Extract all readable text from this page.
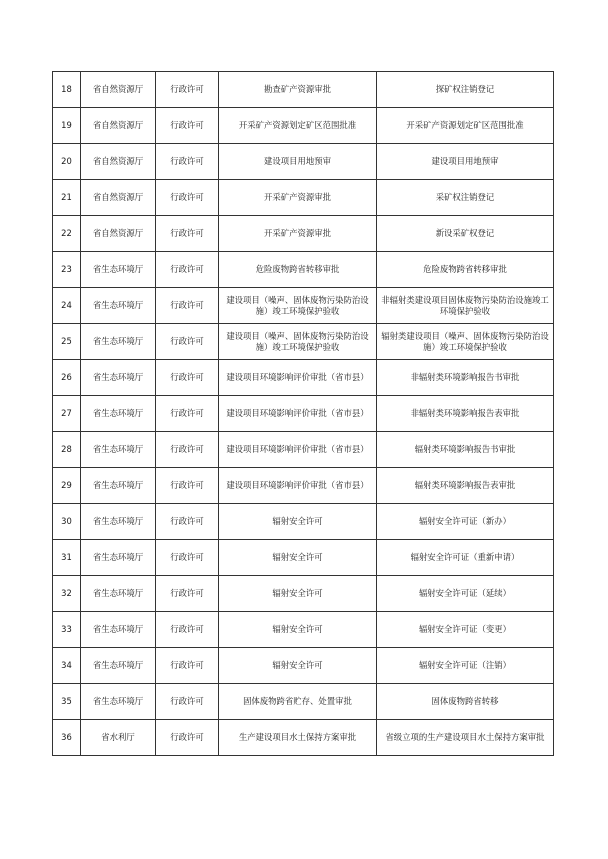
18	省自然资源厅	行政许可	勘查矿产资源审批	探矿权注销登记
19	省自然资源厅	行政许可	开采矿产资源划定矿区范围批准	开采矿产资源划定矿区范围批准
20	省自然资源厅	行政许可	建设项目用地预审	建设项目用地预审
21	省自然资源厅	行政许可	开采矿产资源审批	采矿权注销登记
22	省自然资源厅	行政许可	开采矿产资源审批	新设采矿权登记
23	省生态环境厅	行政许可	危险废物跨省转移审批	危险废物跨省转移审批
24	省生态环境厅	行政许可	建设项目（噪声、固体废物污染防治设施）竣工环境保护验收	非辐射类建设项目固体废物污染防治设施竣工环境保护验收
25	省生态环境厅	行政许可	建设项目（噪声、固体废物污染防治设施）竣工环境保护验收	辐射类建设项目（噪声、固体废物污染防治设施）竣工环境保护验收
26	省生态环境厅	行政许可	建设项目环境影响评价审批（省市县）	非辐射类环境影响报告书审批
27	省生态环境厅	行政许可	建设项目环境影响评价审批（省市县）	非辐射类环境影响报告表审批
28	省生态环境厅	行政许可	建设项目环境影响评价审批（省市县）	辐射类环境影响报告书审批
29	省生态环境厅	行政许可	建设项目环境影响评价审批（省市县）	辐射类环境影响报告表审批
30	省生态环境厅	行政许可	辐射安全许可	辐射安全许可证（新办）
31	省生态环境厅	行政许可	辐射安全许可	辐射安全许可证（重新申请）
32	省生态环境厅	行政许可	辐射安全许可	辐射安全许可证（延续）
33	省生态环境厅	行政许可	辐射安全许可	辐射安全许可证（变更）
34	省生态环境厅	行政许可	辐射安全许可	辐射安全许可证（注销）
35	省生态环境厅	行政许可	固体废物跨省贮存、处置审批	固体废物跨省转移
36	省水利厅	行政许可	生产建设项目水土保持方案审批	省级立项的生产建设项目水土保持方案审批
